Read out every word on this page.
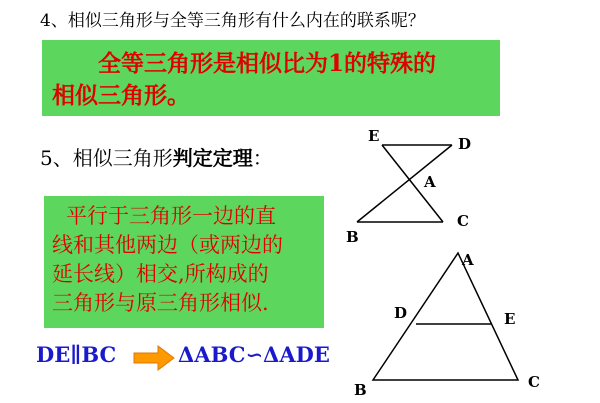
4、相似三角形与全等三角形有什么内在的联系呢？
全等三角形是相似比为1的特殊的
相似三角形。
5、相似三角形判定定理：
平行于三角形一边的直
线和其他两边（或两边的
延长线）相交,所构成的
三角形与原三角形相似.
DE∥BC	ΔABC∽ΔADE
E	D
A
B
C
A
D	E
B	C
